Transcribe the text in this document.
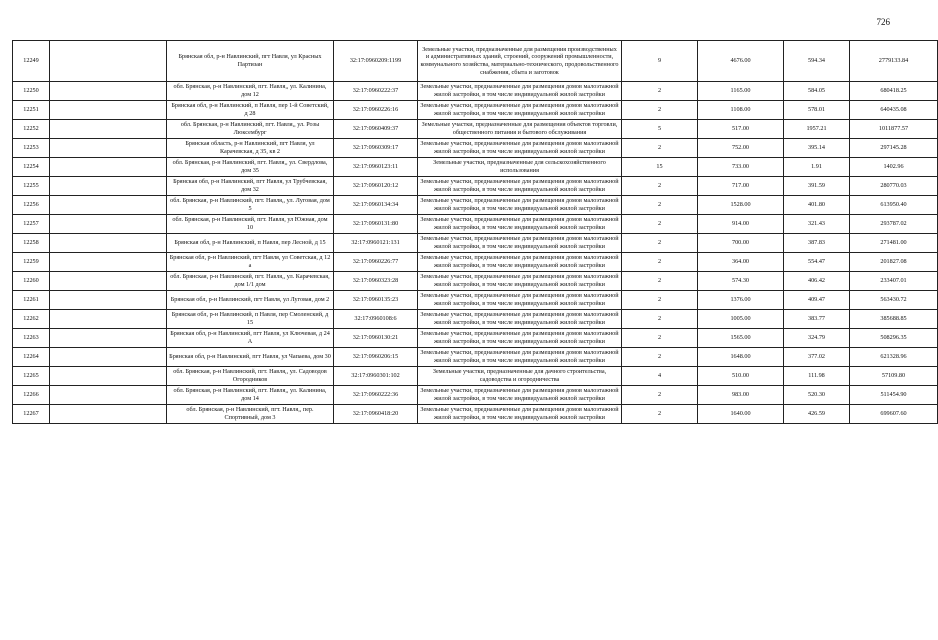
726
12249		Брянская обл, р-н Навлинский, пгт Навля, ул Красных Партизан	32:17:0960209:1199	Земельные участки, предназначенные для размещения производственных и административных зданий, строений, сооружений промышленности, коммунального хозяйства, материально-технического, продовольственного снабжения, сбыта и заготовок	9	4676.00	594.34	2779133.84
12250		обл. Брянская, р-н Навлинский, пгт. Навля,, ул. Калинина, дом 12	32:17:0960222:37	Земельные участки, предназначенные для размещения домов малоэтажной жилой застройки, в том числе индивидуальной жилой застройки	2	1165.00	584.05	680418.25
12251		Брянская обл, р-н Навлинский, п Навля, пер 1-й Советский, д 28	32:17:0960226:16	Земельные участки, предназначенные для размещения домов малоэтажной жилой застройки, в том числе индивидуальной жилой застройки	2	1108.00	578.01	640435.08
12252		обл. Брянская, р-н Навлинский, пгт. Навля,, ул. Розы Люксембург	32:17:0960409:37	Земельные участки, предназначенные для размещения объектов торговли, общественного питания и бытового обслуживания	5	517.00	1957.21	1011877.57
12253		Брянская область, р-н Навлинский, пгт Навля, ул Карачевская, д 35, кв 2	32:17:0960309:17	Земельные участки, предназначенные для размещения домов малоэтажной жилой застройки, в том числе индивидуальной жилой застройки	2	752.00	395.14	297145.28
12254		обл. Брянская, р-н Навлинский, пгт. Навля,, ул. Свердлова, дом 35	32:17:0960123:11	Земельные участки, предназначенные для сельскохозяйственного использования	15	733.00	1.91	1402.96
12255		Брянская обл, р-н Навлинский, пгт Навля, ул Трубчевская, дом 32	32:17:0960120:12	Земельные участки, предназначенные для размещения домов малоэтажной жилой застройки, в том числе индивидуальной жилой застройки	2	717.00	391.59	280770.03
12256		обл. Брянская, р-н Навлинский, пгт. Навля,, ул. Луговая, дом 5	32:17:0960134:34	Земельные участки, предназначенные для размещения домов малоэтажной жилой застройки, в том числе индивидуальной жилой застройки	2	1528.00	401.80	613950.40
12257		обл. Брянская, р-н Навлинский, пгт. Навля, ул Южная, дом 10	32:17:0960131:80	Земельные участки, предназначенные для размещения домов малоэтажной жилой застройки, в том числе индивидуальной жилой застройки	2	914.00	321.43	293787.02
12258		Брянская обл, р-н Навлинский, п Навля, пер Лесной, д 15	32:17:0960121:131	Земельные участки, предназначенные для размещения домов малоэтажной жилой застройки, в том числе индивидуальной жилой застройки	2	700.00	387.83	271481.00
12259		Брянская обл, р-н Навлинский, пгт Навля, ул Советская, д 12 а	32:17:0960226:77	Земельные участки, предназначенные для размещения домов малоэтажной жилой застройки, в том числе индивидуальной жилой застройки	2	364.00	554.47	201827.08
12260		обл. Брянская, р-н Навлинский, пгт. Навля,, ул. Карачевская, дом 1/1 дом	32:17:0960323:28	Земельные участки, предназначенные для размещения домов малоэтажной жилой застройки, в том числе индивидуальной жилой застройки	2	574.30	406.42	233407.01
12261		Брянская обл, р-н Навлинский, пгт Навля, ул Луговая, дом 2	32:17:0960135:23	Земельные участки, предназначенные для размещения домов малоэтажной жилой застройки, в том числе индивидуальной жилой застройки	2	1376.00	409.47	563430.72
12262		Брянская обл, р-н Навлинский, п Навля, пер Смоленский, д 15	32:17:0960108:6	Земельные участки, предназначенные для размещения домов малоэтажной жилой застройки, в том числе индивидуальной жилой застройки	2	1005.00	383.77	385688.85
12263		Брянская обл, р-н Навлинский, пгт Навля, ул Ключевая, д 24 А	32:17:0960130:21	Земельные участки, предназначенные для размещения домов малоэтажной жилой застройки, в том числе индивидуальной жилой застройки	2	1565.00	324.79	508296.35
12264		Брянская обл, р-н Навлинский, пгт Навля, ул Чапаева, дом 30	32:17:0960206:15	Земельные участки, предназначенные для размещения домов малоэтажной жилой застройки, в том числе индивидуальной жилой застройки	2	1648.00	377.02	621328.96
12265		обл. Брянская, р-н Навлинский, пгт. Навля,, ул. Садоводов Огородников	32:17:0960301:102	Земельные участки, предназначенные для дачного строительства, садоводства и огородничества	4	510.00	111.98	57109.80
12266		обл. Брянская, р-н Навлинский, пгт. Навля,, ул. Калинина, дом 14	32:17:0960222:36	Земельные участки, предназначенные для размещения домов малоэтажной жилой застройки, в том числе индивидуальной жилой застройки	2	983.00	520.30	511454.90
12267		обл. Брянская, р-н Навлинский, пгт. Навля,, пер. Спортивный, дом 3	32:17:0960418:20	Земельные участки, предназначенные для размещения домов малоэтажной жилой застройки, в том числе индивидуальной жилой застройки	2	1640.00	426.59	699607.60
